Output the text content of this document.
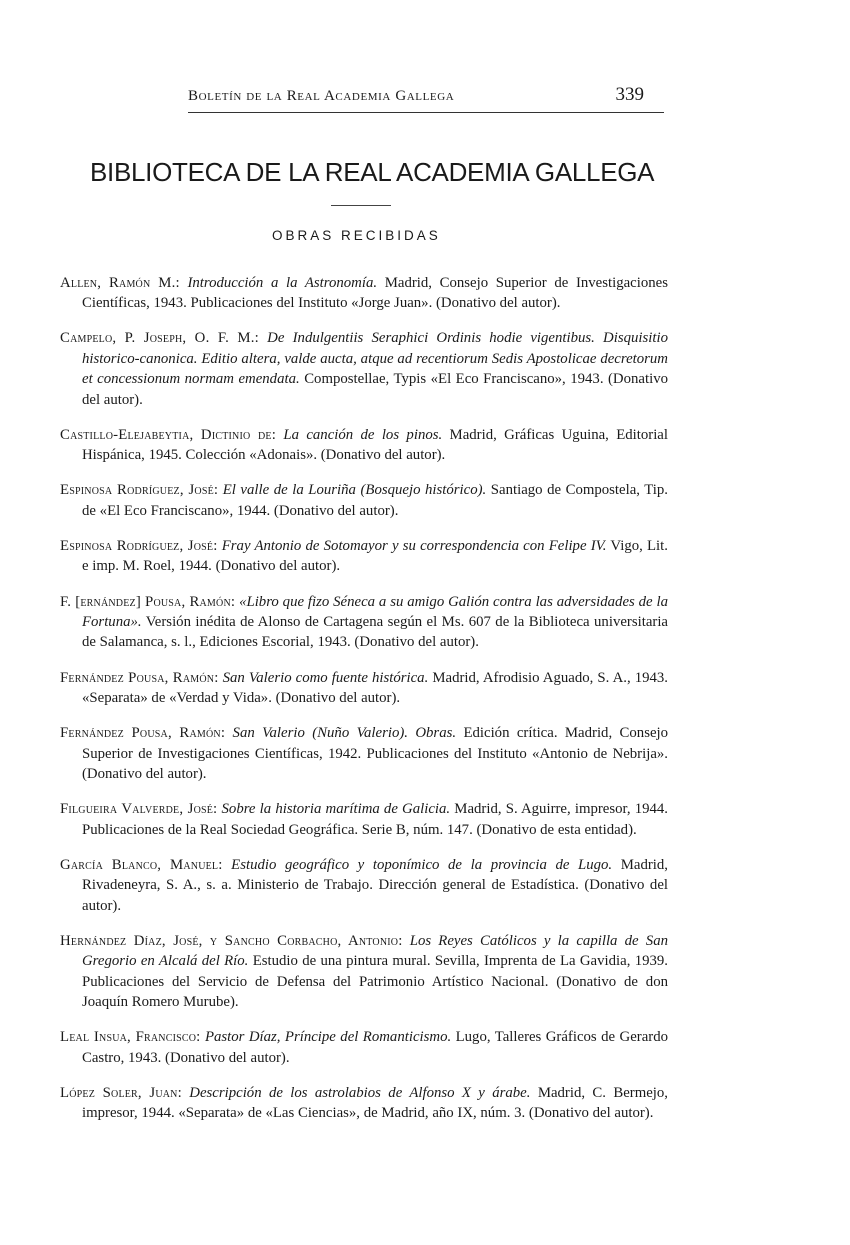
Boletín de la Real Academia Gallega	339
BIBLIOTECA DE LA REAL ACADEMIA GALLEGA
OBRAS RECIBIDAS

Allen, Ramón M.: Introducción a la Astronomía. Madrid, Consejo Superior de Investigaciones Científicas, 1943. Publicaciones del Instituto «Jorge Juan». (Donativo del autor).

Campelo, P. Joseph, O. F. M.: De Indulgentiis Seraphici Ordinis hodie vigentibus. Disquisitio historico-canonica. Editio altera, valde aucta, atque ad recentiorum Sedis Apostolicae decretorum et concessionum normam emendata. Compostellae, Typis «El Eco Franciscano», 1943. (Donativo del autor).

Castillo-Elejabeytia, Dictinio de: La canción de los pinos. Madrid, Gráficas Uguina, Editorial Hispánica, 1945. Colección «Adonais». (Donativo del autor).

Espinosa Rodríguez, José: El valle de la Louriña (Bosquejo histórico). Santiago de Compostela, Tip. de «El Eco Franciscano», 1944. (Donativo del autor).

Espinosa Rodríguez, José: Fray Antonio de Sotomayor y su correspondencia con Felipe IV. Vigo, Lit. e imp. M. Roel, 1944. (Donativo del autor).

F. [ernández] Pousa, Ramón: «Libro que fizo Séneca a su amigo Galión contra las adversidades de la Fortuna». Versión inédita de Alonso de Cartagena según el Ms. 607 de la Biblioteca universitaria de Salamanca, s. l., Ediciones Escorial, 1943. (Donativo del autor).

Fernández Pousa, Ramón: San Valerio como fuente histórica. Madrid, Afrodisio Aguado, S. A., 1943. «Separata» de «Verdad y Vida». (Donativo del autor).

Fernández Pousa, Ramón: San Valerio (Nuño Valerio). Obras. Edición crítica. Madrid, Consejo Superior de Investigaciones Científicas, 1942. Publicaciones del Instituto «Antonio de Nebrija». (Donativo del autor).

Filgueira Valverde, José: Sobre la historia marítima de Galicia. Madrid, S. Aguirre, impresor, 1944. Publicaciones de la Real Sociedad Geográfica. Serie B, núm. 147. (Donativo de esta entidad).

García Blanco, Manuel: Estudio geográfico y toponímico de la provincia de Lugo. Madrid, Rivadeneyra, S. A., s. a. Ministerio de Trabajo. Dirección general de Estadística. (Donativo del autor).

Hernández Díaz, José, y Sancho Corbacho, Antonio: Los Reyes Católicos y la capilla de San Gregorio en Alcalá del Río. Estudio de una pintura mural. Sevilla, Imprenta de La Gavidia, 1939. Publicaciones del Servicio de Defensa del Patrimonio Artístico Nacional. (Donativo de don Joaquín Romero Murube).

Leal Insua, Francisco: Pastor Díaz, Príncipe del Romanticismo. Lugo, Talleres Gráficos de Gerardo Castro, 1943. (Donativo del autor).

López Soler, Juan: Descripción de los astrolabios de Alfonso X y árabe. Madrid, C. Bermejo, impresor, 1944. «Separata» de «Las Ciencias», de Madrid, año IX, núm. 3. (Donativo del autor).
